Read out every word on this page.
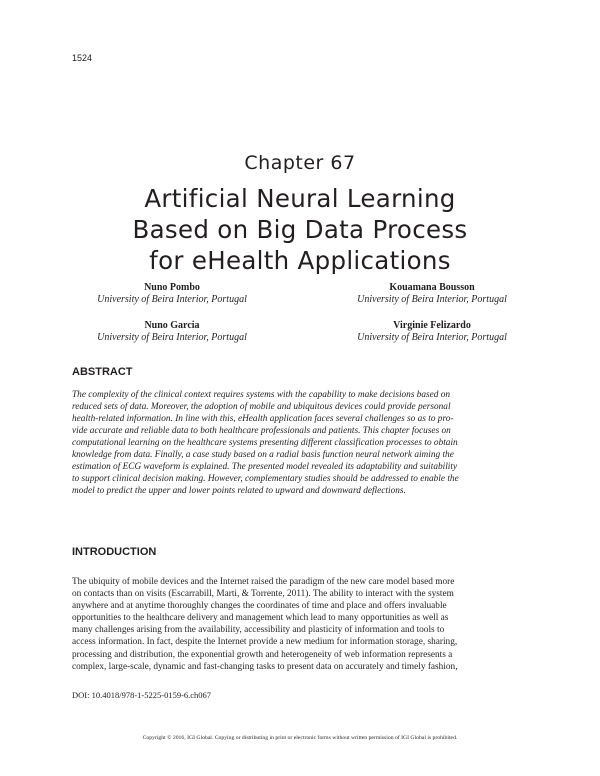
1524
Chapter 67
Artificial Neural Learning
Based on Big Data Process
for eHealth Applications
Nuno Pombo
University of Beira Interior, Portugal
Kouamana Bousson
University of Beira Interior, Portugal
Nuno Garcia
University of Beira Interior, Portugal
Virginie Felizardo
University of Beira Interior, Portugal
ABSTRACT
The complexity of the clinical context requires systems with the capability to make decisions based on
reduced sets of data. Moreover, the adoption of mobile and ubiquitous devices could provide personal
health-related information. In line with this, eHealth application faces several challenges so as to pro-
vide accurate and reliable data to both healthcare professionals and patients. This chapter focuses on
computational learning on the healthcare systems presenting different classification processes to obtain
knowledge from data. Finally, a case study based on a radial basis function neural network aiming the
estimation of ECG waveform is explained. The presented model revealed its adaptability and suitability
to support clinical decision making. However, complementary studies should be addressed to enable the
model to predict the upper and lower points related to upward and downward deflections.
INTRODUCTION
The ubiquity of mobile devices and the Internet raised the paradigm of the new care model based more
on contacts than on visits (Escarrabill, Marti, & Torrente, 2011). The ability to interact with the system
anywhere and at anytime thoroughly changes the coordinates of time and place and offers invaluable
opportunities to the healthcare delivery and management which lead to many opportunities as well as
many challenges arising from the availability, accessibility and plasticity of information and tools to
access information. In fact, despite the Internet provide a new medium for information storage, sharing,
processing and distribution, the exponential growth and heterogeneity of web information represents a
complex, large-scale, dynamic and fast-changing tasks to present data on accurately and timely fashion,
DOI: 10.4018/978-1-5225-0159-6.ch067
Copyright © 2016, IGI Global. Copying or distributing in print or electronic forms without written permission of IGI Global is prohibited.
